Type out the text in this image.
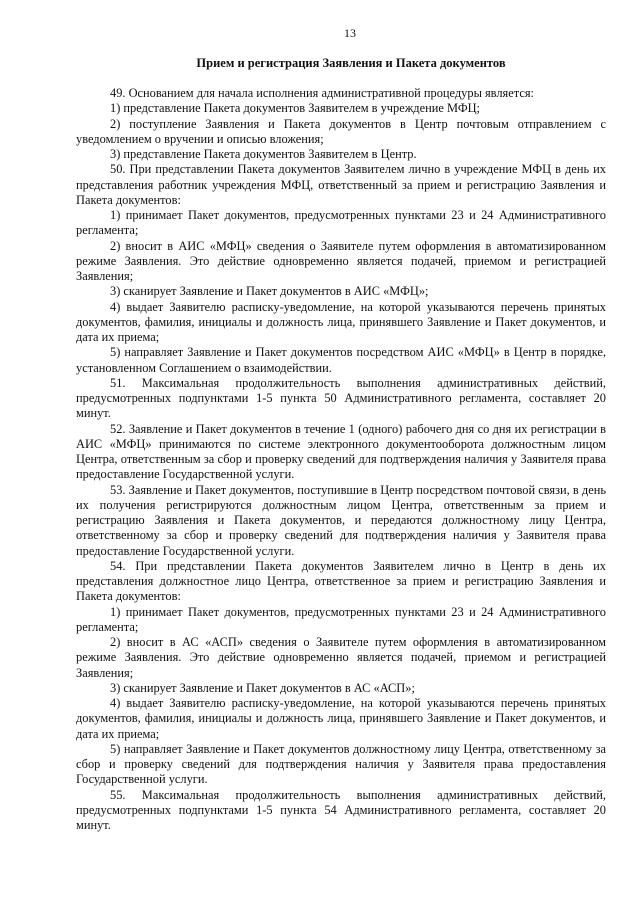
13
Прием и регистрация Заявления и Пакета документов

49. Основанием для начала исполнения административной процедуры является:

1) представление Пакета документов Заявителем в учреждение МФЦ;

2) поступление Заявления и Пакета документов в Центр почтовым отправлением с уведомлением о вручении и описью вложения;

3) представление Пакета документов Заявителем в Центр.

50. При представлении Пакета документов Заявителем лично в учреждение МФЦ в день их представления работник учреждения МФЦ, ответственный за прием и регистрацию Заявления и Пакета документов:

1) принимает Пакет документов, предусмотренных пунктами 23 и 24 Административного регламента;

2) вносит в АИС «МФЦ» сведения о Заявителе путем оформления в автоматизированном режиме Заявления. Это действие одновременно является подачей, приемом и регистрацией Заявления;

3) сканирует Заявление и Пакет документов в АИС «МФЦ»;

4) выдает Заявителю расписку-уведомление, на которой указываются перечень принятых документов, фамилия, инициалы и должность лица, принявшего Заявление и Пакет документов, и дата их приема;

5) направляет Заявление и Пакет документов посредством АИС «МФЦ» в Центр в порядке, установленном Соглашением о взаимодействии.

51. Максимальная продолжительность выполнения административных действий, предусмотренных подпунктами 1-5 пункта 50 Административного регламента, составляет 20 минут.

52. Заявление и Пакет документов в течение 1 (одного) рабочего дня со дня их регистрации в АИС «МФЦ» принимаются по системе электронного документооборота должностным лицом Центра, ответственным за сбор и проверку сведений для подтверждения наличия у Заявителя права предоставление Государственной услуги.

53. Заявление и Пакет документов, поступившие в Центр посредством почтовой связи, в день их получения регистрируются должностным лицом Центра, ответственным за прием и регистрацию Заявления и Пакета документов, и передаются должностному лицу Центра, ответственному за сбор и проверку сведений для подтверждения наличия у Заявителя права предоставление Государственной услуги.

54. При представлении Пакета документов Заявителем лично в Центр в день их представления должностное лицо Центра, ответственное за прием и регистрацию Заявления и Пакета документов:

1) принимает Пакет документов, предусмотренных пунктами 23 и 24 Административного регламента;

2) вносит в АС «АСП» сведения о Заявителе путем оформления в автоматизированном режиме Заявления. Это действие одновременно является подачей, приемом и регистрацией Заявления;

3) сканирует Заявление и Пакет документов в АС «АСП»;

4) выдает Заявителю расписку-уведомление, на которой указываются перечень принятых документов, фамилия, инициалы и должность лица, принявшего Заявление и Пакет документов, и дата их приема;

5) направляет Заявление и Пакет документов должностному лицу Центра, ответственному за сбор и проверку сведений для подтверждения наличия у Заявителя права предоставления Государственной услуги.

55. Максимальная продолжительность выполнения административных действий, предусмотренных подпунктами 1-5 пункта 54 Административного регламента, составляет 20 минут.
